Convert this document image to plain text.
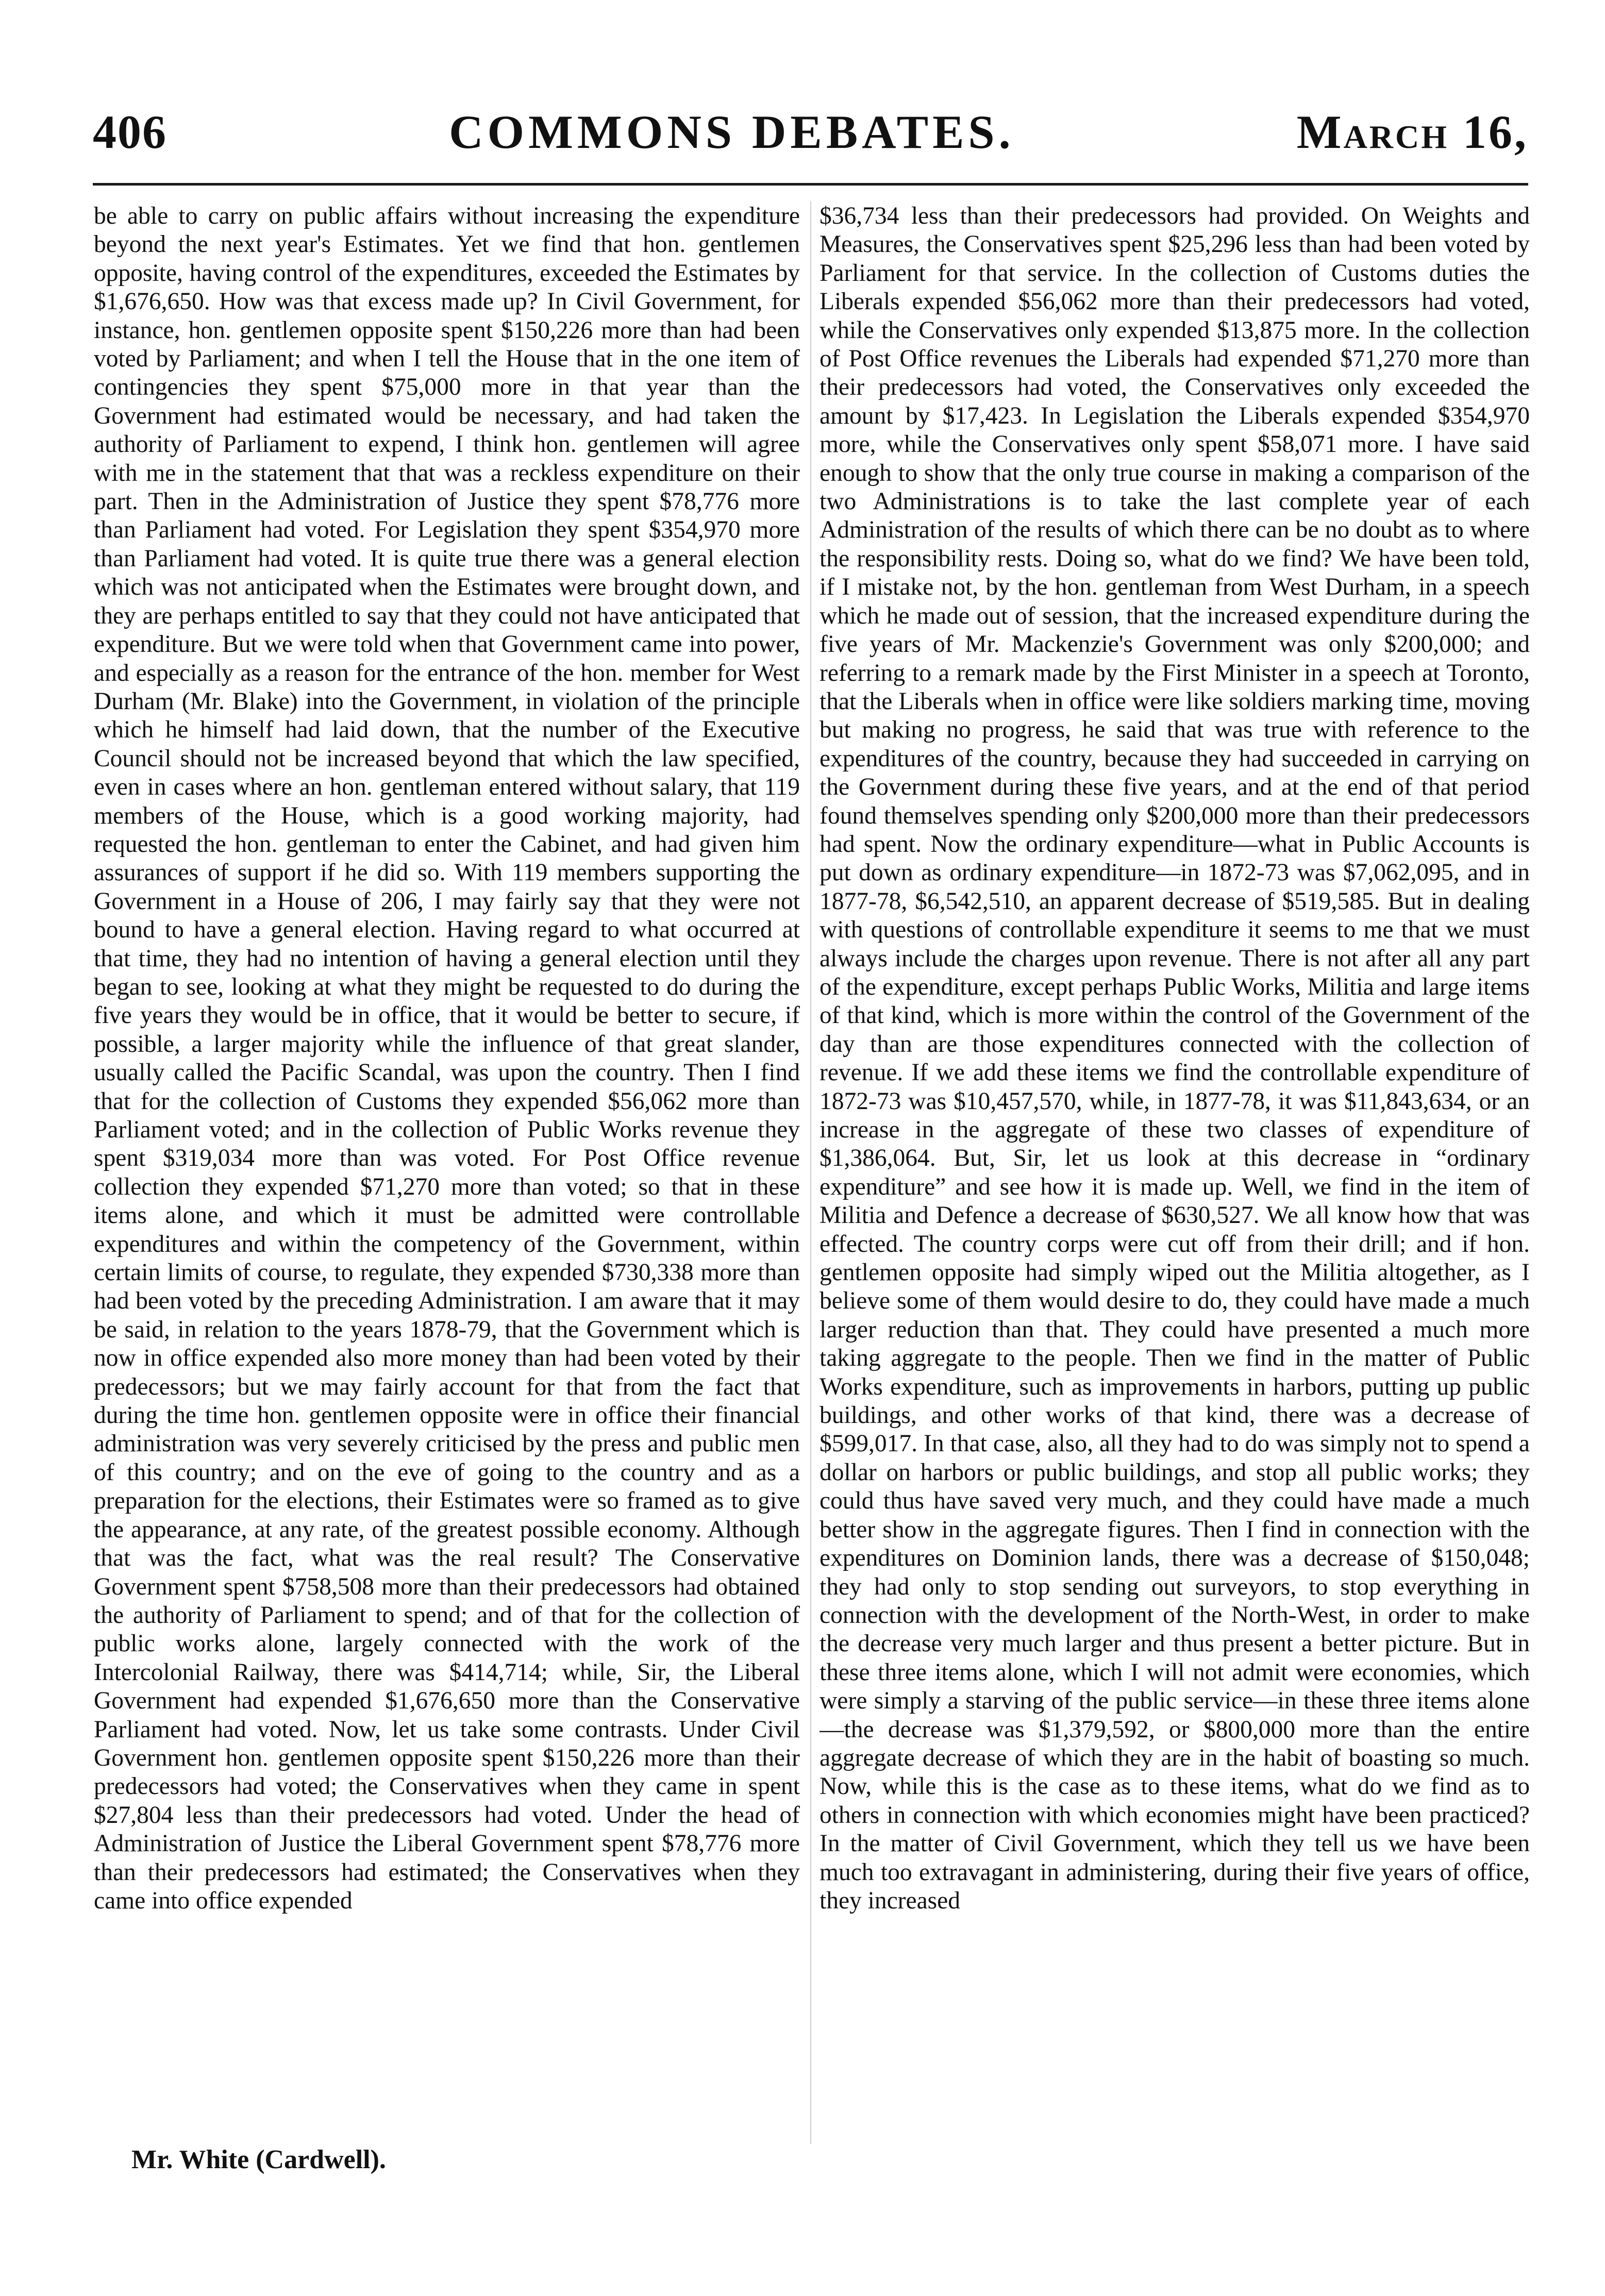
406	COMMONS DEBATES.	March 16,

be able to carry on public affairs without increasing the expenditure beyond the next year's Estimates. Yet we find that hon. gentlemen opposite, having control of the expenditures, exceeded the Estimates by $1,676,650. How was that excess made up? In Civil Government, for instance, hon. gentlemen opposite spent $150,226 more than had been voted by Parliament; and when I tell the House that in the one item of contingencies they spent $75,000 more in that year than the Government had estimated would be necessary, and had taken the authority of Parliament to expend, I think hon. gentlemen will agree with me in the statement that that was a reckless expenditure on their part. Then in the Administration of Justice they spent $78,776 more than Parliament had voted. For Legislation they spent $354,970 more than Parliament had voted. It is quite true there was a general election which was not anticipated when the Estimates were brought down, and they are perhaps entitled to say that they could not have anticipated that expenditure. But we were told when that Government came into power, and especially as a reason for the entrance of the hon. member for West Durham (Mr. Blake) into the Government, in violation of the principle which he himself had laid down, that the number of the Executive Council should not be increased beyond that which the law specified, even in cases where an hon. gentleman entered without salary, that 119 members of the House, which is a good working majority, had requested the hon. gentleman to enter the Cabinet, and had given him assurances of support if he did so. With 119 members supporting the Government in a House of 206, I may fairly say that they were not bound to have a general election. Having regard to what occurred at that time, they had no intention of having a general election until they began to see, looking at what they might be requested to do during the five years they would be in office, that it would be better to secure, if possible, a larger majority while the influence of that great slander, usually called the Pacific Scandal, was upon the country. Then I find that for the collection of Customs they expended $56,062 more than Parliament voted; and in the collection of Public Works revenue they spent $319,034 more than was voted. For Post Office revenue collection they expended $71,270 more than voted; so that in these items alone, and which it must be admitted were controllable expenditures and within the competency of the Government, within certain limits of course, to regulate, they expended $730,338 more than had been voted by the preceding Administration. I am aware that it may be said, in relation to the years 1878-79, that the Government which is now in office expended also more money than had been voted by their predecessors; but we may fairly account for that from the fact that during the time hon. gentlemen opposite were in office their financial administration was very severely criticised by the press and public men of this country; and on the eve of going to the country and as a preparation for the elections, their Estimates were so framed as to give the appearance, at any rate, of the greatest possible economy. Although that was the fact, what was the real result? The Conservative Government spent $758,508 more than their predecessors had obtained the authority of Parliament to spend; and of that for the collection of public works alone, largely connected with the work of the Intercolonial Railway, there was $414,714; while, Sir, the Liberal Government had expended $1,676,650 more than the Conservative Parliament had voted. Now, let us take some contrasts. Under Civil Government hon. gentlemen opposite spent $150,226 more than their predecessors had voted; the Conservatives when they came in spent $27,804 less than their predecessors had voted. Under the head of Administration of Justice the Liberal Government spent $78,776 more than their predecessors had estimated; the Conservatives when they came into office expended

$36,734 less than their predecessors had provided. On Weights and Measures, the Conservatives spent $25,296 less than had been voted by Parliament for that service. In the collection of Customs duties the Liberals expended $56,062 more than their predecessors had voted, while the Conservatives only expended $13,875 more. In the collection of Post Office revenues the Liberals had expended $71,270 more than their predecessors had voted, the Conservatives only exceeded the amount by $17,423. In Legislation the Liberals expended $354,970 more, while the Conservatives only spent $58,071 more. I have said enough to show that the only true course in making a comparison of the two Administrations is to take the last complete year of each Administration of the results of which there can be no doubt as to where the responsibility rests. Doing so, what do we find? We have been told, if I mistake not, by the hon. gentleman from West Durham, in a speech which he made out of session, that the increased expenditure during the five years of Mr. Mackenzie's Government was only $200,000; and referring to a remark made by the First Minister in a speech at Toronto, that the Liberals when in office were like soldiers marking time, moving but making no progress, he said that was true with reference to the expenditures of the country, because they had succeeded in carrying on the Government during these five years, and at the end of that period found themselves spending only $200,000 more than their predecessors had spent. Now the ordinary expenditure—what in Public Accounts is put down as ordinary expenditure—in 1872-73 was $7,062,095, and in 1877-78, $6,542,510, an apparent decrease of $519,585. But in dealing with questions of controllable expenditure it seems to me that we must always include the charges upon revenue. There is not after all any part of the expenditure, except perhaps Public Works, Militia and large items of that kind, which is more within the control of the Government of the day than are those expenditures connected with the collection of revenue. If we add these items we find the controllable expenditure of 1872-73 was $10,457,570, while, in 1877-78, it was $11,843,634, or an increase in the aggregate of these two classes of expenditure of $1,386,064. But, Sir, let us look at this decrease in “ordinary expenditure” and see how it is made up. Well, we find in the item of Militia and Defence a decrease of $630,527. We all know how that was effected. The country corps were cut off from their drill; and if hon. gentlemen opposite had simply wiped out the Militia altogether, as I believe some of them would desire to do, they could have made a much larger reduction than that. They could have presented a much more taking aggregate to the people. Then we find in the matter of Public Works expenditure, such as improvements in harbors, putting up public buildings, and other works of that kind, there was a decrease of $599,017. In that case, also, all they had to do was simply not to spend a dollar on harbors or public buildings, and stop all public works; they could thus have saved very much, and they could have made a much better show in the aggregate figures. Then I find in connection with the expenditures on Dominion lands, there was a decrease of $150,048; they had only to stop sending out surveyors, to stop everything in connection with the development of the North-West, in order to make the decrease very much larger and thus present a better picture. But in these three items alone, which I will not admit were economies, which were simply a starving of the public service—in these three items alone—the decrease was $1,379,592, or $800,000 more than the entire aggregate decrease of which they are in the habit of boasting so much. Now, while this is the case as to these items, what do we find as to others in connection with which economies might have been practiced? In the matter of Civil Government, which they tell us we have been much too extravagant in administering, during their five years of office, they increased

Mr. White (Cardwell).
